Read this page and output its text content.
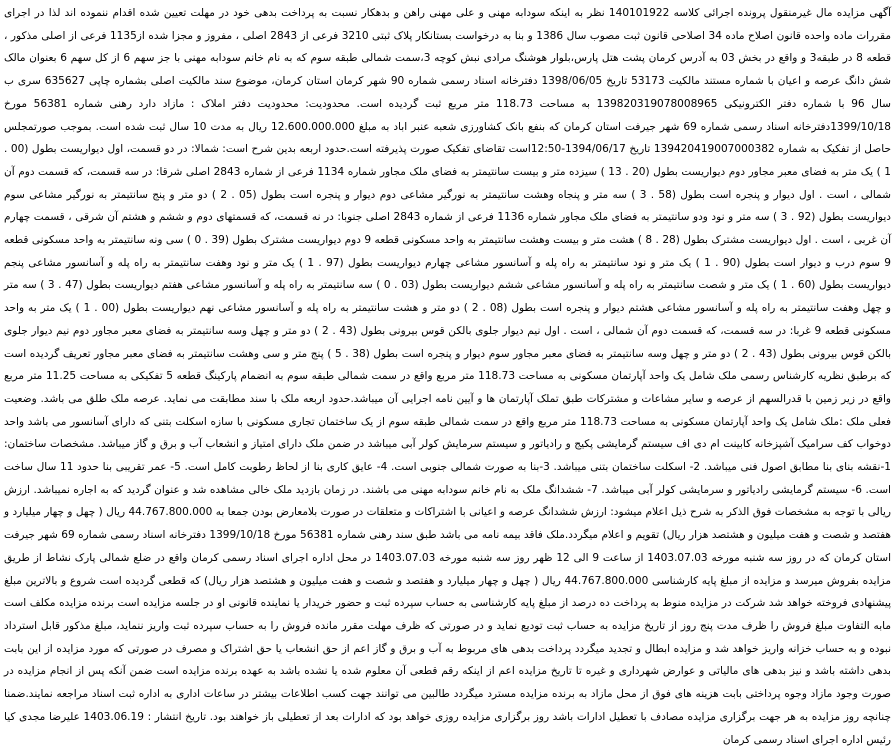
آگهی مزایده مال غیرمنقول پرونده اجرائی کلاسه 140101922 نظر به اینکه سودابه مهنی و علی مهنی راهن و بدهکار نسبت به پرداخت بدهی خود در مهلت تعیین شده اقدام ننموده اند لذا در اجرای مقررات ماده واحده قانون اصلاح ماده 34 اصلاحی قانون ثبت مصوب سال 1386 و بنا به درخواست بستانکار پلاک ثبتی 3210 فرعی از 2843 اصلی ، مفروز و مجزا شده از1135 فرعی از اصلی مذکور ، قطعه 8 در طبقه3 و واقع در بخش 03 به آدرس کرمان پشت هتل پارس،بلوار هوشنگ مرادی نبش کوچه 3،سمت شمالی طبقه سوم که به نام خانم سودابه مهنی با جز سهم 6 از کل سهم 6 بعنوان مالک شش دانگ عرصه و اعیان با شماره مستند مالکیت 53173 تاریخ 1398/06/05 دفترخانه اسناد رسمی شماره 90 شهر کرمان استان کرمان، موضوع سند مالکیت اصلی بشماره چاپی 635627 سری ب سال 96 با شماره دفتر الکترونیکی 139820319078008965 به مساحت 118.73 متر مربع ثبت گردیده است. محدودیت: محدودیت دفتر املاک : مازاد دارد رهنی شماره 56381 مورخ 1399/10/18دفترخانه اسناد رسمی شماره 69 شهر جیرفت استان کرمان که بنفع بانک کشاورزی شعبه عنبر اباد به مبلغ 12.600.000.000 ریال به مدت 10 سال ثبت شده است. بموجب صورتمجلس حاصل از تفکیک به شماره 139420419007000382 تاریخ 1394/06/17-12:50است تقاضای تفکیک صورت پذیرفته است.حدود اربعه بدین شرح است: شمالا: در دو قسمت، اول دیواریست بطول (00 . 1 ) یک متر به فضای معبر مجاور دوم دیواریست بطول (20 . 13 ) سیزده متر و بیست سانتیمتر به فضای ملک مجاور شماره 1134 فرعی از شماره 2843 اصلی شرقا: در سه قسمت، که قسمت دوم آن شمالی ، است . اول دیوار و پنجره است بطول (58 . 3 ) سه متر و پنجاه وهشت سانتیمتر به نورگیر مشاعی دوم دیوار و پنجره است بطول (05 . 2 ) دو متر و پنج سانتیمتر به نورگیر مشاعی سوم دیواریست بطول (92 . 3 ) سه متر و نود ودو سانتیمتر به فضای ملک مجاور شماره 1136 فرعی از شماره 2843 اصلی جنوبا: در نه قسمت، که قسمتهای دوم و ششم و هشتم آن شرقی ، قسمت چهارم آن غربی ، است . اول دیواریست مشترک بطول (28 . 8 ) هشت متر و بیست وهشت سانتیمتر به واحد مسکونی قطعه 9 دوم دیواریست مشترک بطول (39 . 0 ) سی ونه سانتیمتر به واحد مسکونی قطعه 9 سوم درب و دیوار است بطول (90 . 1 ) یک متر و نود سانتیمتر به راه پله و آسانسور مشاعی چهارم دیواریست بطول (97 . 1 ) یک متر و نود وهفت سانتیمتر به راه پله و آسانسور مشاعی پنجم دیواریست بطول (60 . 1 ) یک متر و شصت سانتیمتر به راه پله و آسانسور مشاعی ششم دیواریست بطول (03 . 0 ) سه سانتیمتر به راه پله و آسانسور مشاعی هفتم دیواریست بطول (47 . 3 ) سه متر و چهل وهفت سانتیمتر به راه پله و آسانسور مشاعی هشتم دیوار و پنجره است بطول (08 . 2 ) دو متر و هشت سانتیمتر به راه پله و آسانسور مشاعی نهم دیواریست بطول (00 . 1 ) یک متر به واحد مسکونی قطعه 9 غربا: در سه قسمت، که قسمت دوم آن شمالی ، است . اول نیم دیوار جلوی بالکن قوس بیرونی بطول (43 . 2 ) دو متر و چهل وسه سانتیمتر به فضای معبر مجاور دوم نیم دیوار جلوی بالکن قوس بیرونی بطول (43 . 2 ) دو متر و چهل وسه سانتیمتر به فضای معبر مجاور سوم دیوار و پنجره است بطول (38 . 5 ) پنج متر و سی وهشت سانتیمتر به فضای معبر مجاور تعریف گردیده است که برطبق نظریه کارشناس رسمی ملک شامل یک واحد آپارتمان مسکونی به مساحت 118.73 متر مربع واقع در سمت شمالی طبقه سوم به انضمام پارکینگ قطعه 5 تفکیکی به مساحت 11.25 متر مربع واقع در زیر زمین با قدرالسهم از عرصه و سایر مشاعات و مشترکات طبق تملک آپارتمان ها و آیین نامه اجرایی آن میباشد.حدود اربعه ملک با سند مطابقت می نماید. عرصه ملک طلق می باشد. وضعیت فعلی ملک :ملک شامل یک واحد آپارتمان مسکونی به مساحت 118.73 متر مربع واقع در سمت شمالی طبقه سوم از یک ساختمان تجاری مسکونی با سازه اسکلت بتنی که دارای آسانسور می باشد واحد دوخواب کف سرامیک آشپزخانه کابینت ام دی اف سیستم گرمایشی پکیج و رادیاتور و سیستم سرمایش کولر آبی میباشد در ضمن ملک دارای امتیاز و انشعاب آب و برق و گاز میباشد. مشخصات ساختمان: 1-نقشه بنای بنا مطابق اصول فنی میباشد. 2- اسکلت ساختمان بتنی میباشد. 3-بنا به صورت شمالی جنوبی است. 4- عایق کاری بنا از لحاظ رطوبت کامل است. 5- عمر تقریبی بنا حدود 11 سال ساخت است. 6- سیستم گرمایشی رادیاتور و سرمایشی کولر آبی میباشد. 7- ششدانگ ملک به نام خانم سودابه مهنی می باشند. در زمان بازدید ملک خالی مشاهده شد و عنوان گردید که به اجاره نمیباشد. ارزش ریالی با توجه به مشخصات فوق الذکر به شرح ذیل اعلام میشود: ارزش ششدانگ عرصه و اعیانی با اشتراکات و متعلقات در صورت بلامعارض بودن جمعا به 44.767.800.000 ریال ( چهل و چهار میلیارد و هفتصد و شصت و هفت میلیون و هشتصد هزار ریال) تقویم و اعلام میگردد.ملک فاقد بیمه نامه می باشد طبق سند رهنی شماره 56381 مورخ 1399/10/18 دفترخانه اسناد رسمی شماره 69 شهر جیرفت استان کرمان که در روز سه شنبه مورخه 1403.07.03 از ساعت 9 الی 12 ظهر روز سه شنبه مورخه 1403.07.03 در محل اداره اجرای اسناد رسمی کرمان واقع در ضلع شمالی پارک نشاط از طریق مزایده بفروش میرسد و مزایده از مبلغ پایه کارشناسی 44.767.800.000 ریال ( چهل و چهار میلیارد و هفتصد و شصت و هفت میلیون و هشتصد هزار ریال) که قطعی گردیده است شروع و بالاترین مبلغ پیشنهادی فروخته خواهد شد شرکت در مزایده منوط به پرداخت ده درصد از مبلغ پایه کارشناسی به حساب سپرده ثبت و حضور خریدار یا نماینده قانونی او در جلسه مزایده است برنده مزایده مکلف است مابه التفاوت مبلغ فروش را ظرف مدت پنج روز از تاریخ مزایده به حساب ثبت تودیع نماید و در صورتی که ظرف مهلت مقرر مانده فروش را به حساب سپرده ثبت واریز ننماید، مبلغ مذکور قابل استرداد نبوده و به حساب خزانه واریز خواهد شد و مزایده ابطال و تجدید میگردد پرداخت بدهی های مربوط به آب و برق و گاز اعم از حق انشعاب یا حق اشتراک و مصرف در صورتی که مورد مزایده از این بابت بدهی داشته باشد و نیز بدهی های مالیاتی و عوارض شهرداری و غیره تا تاریخ مزایده اعم از اینکه رقم قطعی آن معلوم شده یا نشده باشد به عهده برنده مزایده است ضمن آنکه پس از انجام مزایده در صورت وجود مازاد وجوه پرداختی بابت هزینه های فوق از محل مازاد به برنده مزایده مسترد میگردد طالبین می توانند جهت کسب اطلاعات بیشتر در ساعات اداری به اداره ثبت اسناد مراجعه نمایند.ضمنا چنانچه روز مزایده به هر جهت برگزاری مزایده مصادف با تعطیل ادارات باشد روز برگزاری مزایده روزی خواهد بود که ادارات بعد از تعطیلی باز خواهند بود. تاریخ انتشار : 1403.06.19 علیرضا مجدی کیا رئیس اداره اجرای اسناد رسمی کرمان
